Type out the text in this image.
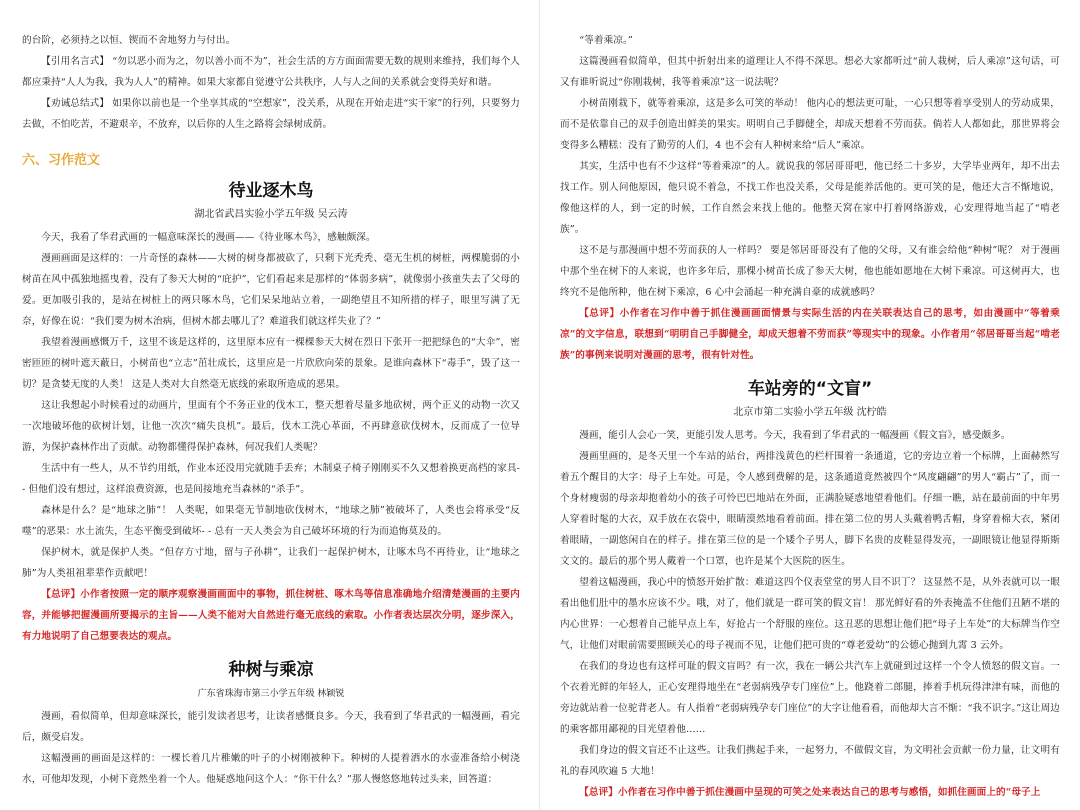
的台阶，必须持之以恒、锲而不舍地努力与付出。

【引用名言式】 “勿以恶小而为之，勿以善小而不为”，社会生活的方方面面需要无数的规则来维持，我们每个人都应秉持“人人为我，我为人人”的精神。如果大家都自觉遵守公共秩序，人与人之间的关系就会变得美好和谐。

【劝诫总结式】 如果你以前也是一个坐享其成的“空想家”，没关系，从现在开始走进“实干家”的行列，只要努力去做，不怕吃苦，不避艰辛，不放弃，以后你的人生之路将会绿树成荫。

六、习作范文
待业逐木鸟
湖北省武昌实验小学五年级 吴云涛

今天，我看了华君武画的一幅意味深长的漫画——《待业啄木鸟》，感触颇深。

漫画画面是这样的：一片奇怪的森林——大树的树身都被砍了，只剩下光秃秃、毫无生机的树桩，两棵脆弱的小树苗在风中孤独地摇曳着，没有了参天大树的“庇护”，它们看起来是那样的“体弱多病”，就像弱小孩童失去了父母的爱。更加吸引我的，是站在树桩上的两只啄木鸟，它们呆呆地站立着，一副绝望且不知所措的样子，眼里写满了无奈，好像在说：“我们要为树木治病，但树木都去哪儿了？难道我们就这样失业了？”

我望着漫画感慨万千，这里不该是这样的，这里原本应有一棵棵参天大树在烈日下张开一把把绿色的“大伞”，密密匝匝的树叶遮天蔽日，小树苗也“立志”茁壮成长，这里应是一片欣欣向荣的景象。是谁向森林下“毒手”，毁了这一切？是贪婪无度的人类！ 这是人类对大自然毫无底线的索取所造成的恶果。

这让我想起小时候看过的动画片，里面有个不务正业的伐木工，整天想着尽量多地砍树，两个正义的动物一次又一次地破坏他的砍树计划，让他一次次“痛失良机”。最后，伐木工洗心革面，不再肆意砍伐树木，反而成了一位导游，为保护森林作出了贡献。动物都懂得保护森林，何况我们人类呢？

生活中有一些人，从不节约用纸，作业本还没用完就随手丢弃；木制桌子椅子刚刚买不久又想着换更高档的家具- - 但他们没有想过，这样浪费资源，也是间接地充当森林的“杀手”。

森林是什么？是“地球之肺”！ 人类呢，如果毫无节制地砍伐树木，“地球之肺”被破坏了，人类也会将承受“反噬”的恶果：水土流失，生态平衡受到破坏- - 总有一天人类会为自己破坏环境的行为而追悔莫及的。

保护树木，就是保护人类。“但存方寸地，留与子孙耕”，让我们一起保护树木，让啄木鸟不再待业，让“地球之肺”为人类祖祖辈辈作贡献吧！

【总评】小作者按照一定的顺序观察漫画画面中的事物，抓住树桩、啄木鸟等信息准确地介绍清楚漫画的主要内容，并能够把握漫画所要揭示的主旨——人类不能对大自然进行毫无底线的索取。小作者表达层次分明，逐步深入，有力地说明了自己想要表达的观点。

种树与乘凉
广东省珠海市第三小学五年级 林颖锐

漫画，看似简单，但却意味深长，能引发读者思考，让读者感慨良多。今天，我看到了华君武的一幅漫画，看完后，颇受启发。

这幅漫画的画面是这样的：一棵长着几片稚嫩的叶子的小树刚被种下。种树的人提着洒水的水壶准备给小树浇水，可他却发现，小树下竟然坐着一个人。他疑惑地问这个人：“你干什么？”那人慢悠悠地转过头来，回答道：

“等着乘凉。”

这篇漫画看似简单，但其中折射出来的道理让人不得不深思。想必大家都听过“前人栽树，后人乘凉”这句话，可又有谁听说过“你刚栽树，我等着乘凉”这一说法呢？

小树苗刚栽下，就等着乘凉，这是多么可笑的举动！ 他内心的想法更可耻，一心只想等着享受别人的劳动成果，而不是依靠自己的双手创造出鲜美的果实。明明自己手脚健全，却成天想着不劳而获。倘若人人都如此，那世界将会变得多么糟糕：没有了勤劳的人们，4 也不会有人种树来给“后人”乘凉。

其实，生活中也有不少这样“等着乘凉”的人。就说我的邻居哥哥吧，他已经二十多岁，大学毕业两年，却不出去找工作。别人问他原因，他只说不着急，不找工作也没关系，父母是能养活他的。更可笑的是，他还大言不惭地说，像他这样的人，到一定的时候，工作自然会来找上他的。他整天窝在家中打着网络游戏，心安理得地当起了“啃老族”。

这不是与那漫画中想不劳而获的人一样吗？ 要是邻居哥哥没有了他的父母，又有谁会给他“种树”呢？ 对于漫画中那个坐在树下的人来说，也许多年后，那棵小树苗长成了参天大树，他也能如愿地在大树下乘凉。可这树再大，也终究不是他所种，他在树下乘凉，6 心中会涌起一种充满自豪的成就感吗？

【总评】小作者在习作中善于抓住漫画画面情景与实际生活的内在关联表达自己的思考，如由漫画中“等着乘凉”的文字信息，联想到“明明自己手脚健全，却成天想着不劳而获”等现实中的现象。小作者用“邻居哥哥当起“啃老族”的事例来说明对漫画的思考，很有针对性。

车站旁的“文盲”
北京市第二实验小学五年级 沈柠皓

漫画，能引人会心一笑，更能引发人思考。今天，我看到了华君武的一幅漫画《假文盲》，感受颇多。

漫画里画的，是冬天里一个车站的站台，两排浅黄色的栏杆围着一条通道，它的旁边立着一个标牌，上面赫然写着五个醒目的大字：母子上车处。可是，令人感到费解的是，这条通道竟然被四个“风度翩翩”的男人“霸占”了，而一个身材瘦弱的母亲却抱着幼小的孩子可怜巴巴地站在外面，正满脸疑惑地望着他们。仔细一瞧，站在最前面的中年男人穿着时髦的大衣，双手放在衣袋中，眼睛漠然地看着前面。排在第二位的男人头戴着鸭舌帽，身穿着棉大衣，紧闭着眼睛，一副悠闲自在的样子。排在第三位的是一个矮个子男人，脚下名贵的皮鞋显得发亮，一副眼镜让他显得斯斯文文的。最后的那个男人戴着一个口罩，也许是某个大医院的医生。

望着这幅漫画，我心中的愤怒开始扩散：难道这四个仪表堂堂的男人目不识丁？ 这显然不是，从外表就可以一眼看出他们肚中的墨水应该不少。哦，对了，他们就是一群可笑的假文盲！ 那光鲜好看的外表掩盖不住他们丑陋不堪的内心世界：一心想着自己能早点上车，好抢占一个舒服的座位。这丑恶的思想让他们把“母子上车处”的大标牌当作空气，让他们对眼前需要照顾关心的母子视而不见，让他们把可贵的“尊老爱幼”的公德心抛到九霄 3 云外。

在我们的身边也有这样可耻的假文盲吗？有一次，我在一辆公共汽车上就碰到过这样一个令人愤怒的假文盲。一个衣着光鲜的年轻人，正心安理得地坐在“老弱病残孕专门座位”上。他跷着二郎腿，捧着手机玩得津津有味，而他的旁边就站着一位驼背老人。有人指着“老弱病残孕专门座位”的大字让他看看，而他却大言不惭：“我不识字。”这让周边的乘客都用鄙视的目光望着他……

我们身边的假文盲还不止这些。让我们携起手来，一起努力，不做假文盲，为文明社会贡献一份力量，让文明有礼的春风吹遍 5 大地！

【总评】小作者在习作中善于抓住漫画中呈现的可笑之处来表达自己的思考与感悟，如抓住画面上的“母子上
